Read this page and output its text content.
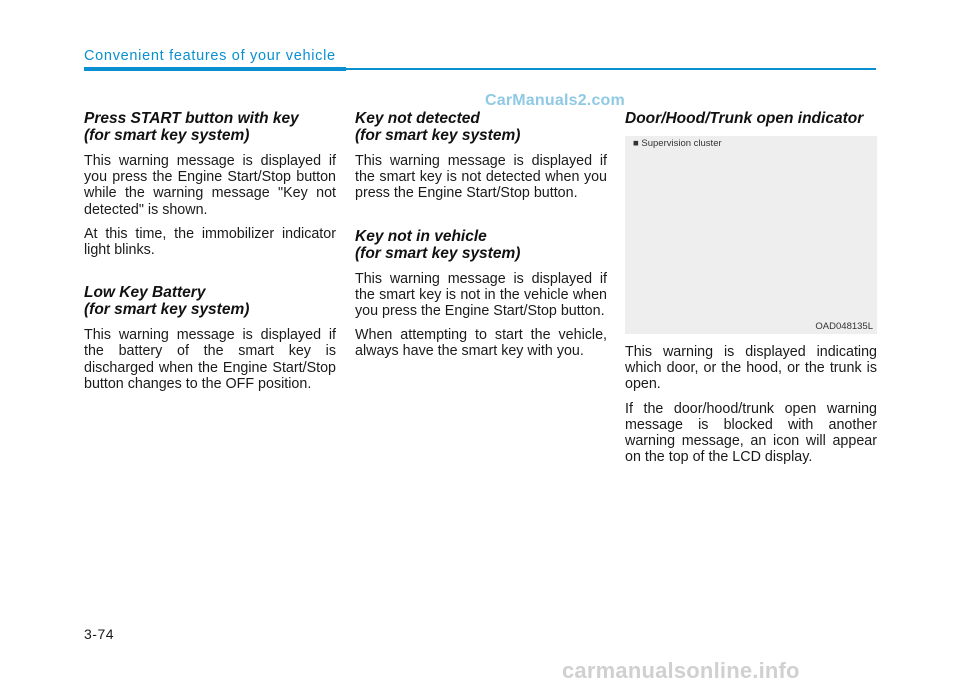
Convenient features of your vehicle
CarManuals2.com
Press START button with key
(for smart key system)

This warning message is displayed if you press the Engine Start/Stop button while the warning message "Key not detected" is shown.

At this time, the immobilizer indicator light blinks.

Low Key Battery
(for smart key system)

This warning message is displayed if the battery of the smart key is discharged when the Engine Start/Stop button changes to the OFF position.

Key not detected
(for smart key system)

This warning message is displayed if the smart key is not detected when you press the Engine Start/Stop button.

Key not in vehicle
(for smart key system)

This warning message is displayed if the smart key is not in the vehicle when you press the Engine Start/Stop button.

When attempting to start the vehicle, always have the smart key with you.

Door/Hood/Trunk open indicator
■ Supervision cluster
OAD048135L

This warning is displayed indicating which door, or the hood, or the trunk is open.

If the door/hood/trunk open warning message is blocked with another warning message, an icon will appear on the top of the LCD display.

3-74
carmanualsonline.info
